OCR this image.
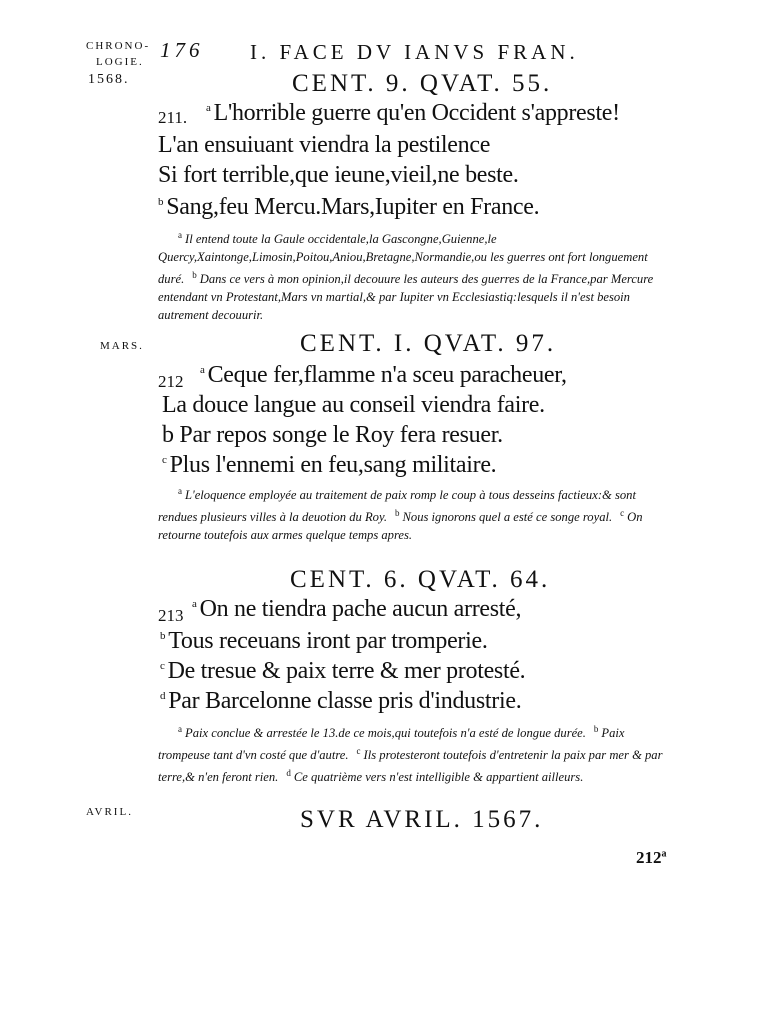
CHRONO-
LOGIE.
1568.
MARS.
AVRIL.
176 I. FACE DV IANVS FRAN.
CENT. 9. QVAT. 55.
211. $^a$ L'horrible guerre qu'en Occident s'appreste!
L'an ensuiuant viendra la pestilence
Si fort terrible,que ieune,vieil,ne beste.
$^b$ Sang,feu Mercu.Mars,Iupiter en France.
$^a$ Il entend toute la Gaule occidentale,la Gascongne,Guienne,le Quercy,Xaintonge,Limosin,Poitou,Aniou,Bretagne,Normandie,ou les guerres ont fort longuement duré. $^b$ Dans ce vers à mon opinion,il decouure les auteurs des guerres de la France,par Mercure entendant vn Protestant,Mars vn martial,& par Iupiter vn Ecclesiastiq:lesquels il n'est besoin autrement decouurir.
CENT. I. QVAT. 97.
212
$^a$ Ceque fer,flamme n'a sceu paracheuer,
La douce langue au conseil viendra faire.
b Par repos songe le Roy fera resuer.
$^c$ Plus l'ennemi en feu,sang militaire.
$^a$ L'eloquence employée au traitement de paix romp le coup à tous desseins factieux:& sont rendues plusieurs villes à la deuotion du Roy. $^b$ Nous ignorons quel a esté ce songe royal. $^c$ On retourne toutefois aux armes quelque temps apres.
CENT. 6. QVAT. 64.
213
$^a$ On ne tiendra pache aucun arresté,
$^b$ Tous receuans iront par tromperie.
$^c$ De tresue & paix terre & mer protesté.
$^d$ Par Barcelonne classe pris d'industrie.
$^a$ Paix conclue & arrestée le 13.de ce mois,qui toutefois n'a esté de longue durée. $^b$ Paix trompeuse tant d'vn costé que d'autre. $^c$ Ils protesteront toutefois d'entretenir la paix par mer & par terre,& n'en feront rien. $^d$ Ce quatrième vers n'est intelligible & appartient ailleurs.
SVR AVRIL. 1567.
212$^a$
